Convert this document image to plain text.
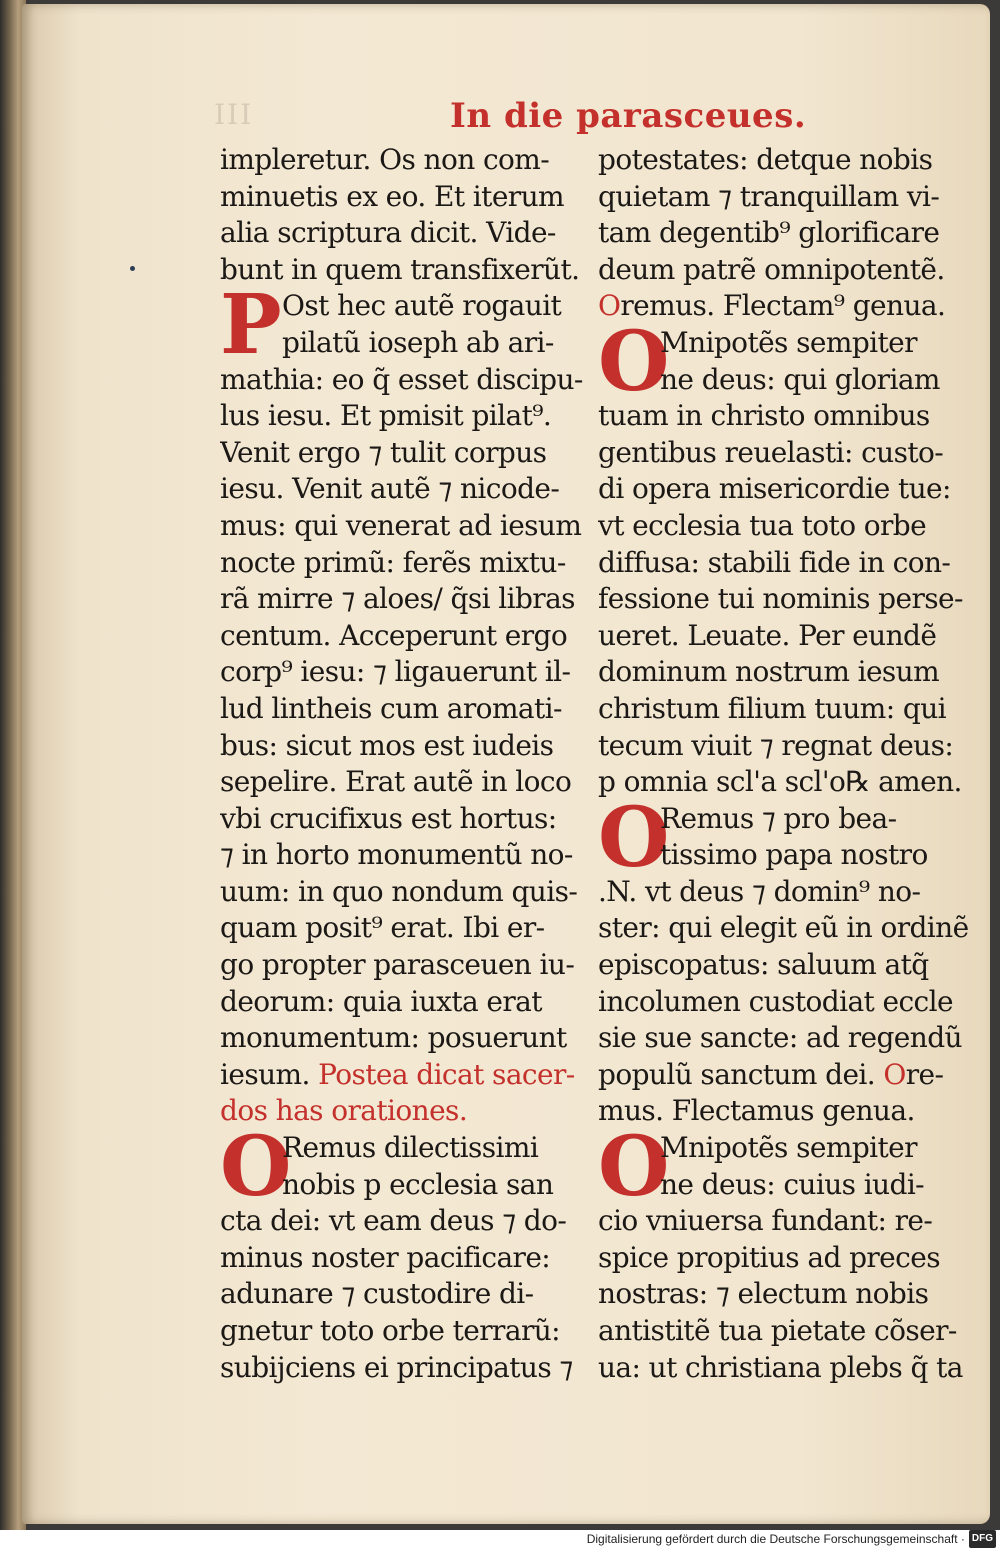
III	In die parasceues.
impleretur. Os non com-
minuetis ex eo. Et iterum
alia scriptura dicit. Vide-
bunt in quem transfixerũt.
P Ost hec autẽ rogauit
pilatũ ioseph ab ari-
mathia: eo q̃ esset discipu-
lus iesu. Et pmisit pilat⁹.
Venit ergo ⁊ tulit corpus
iesu. Venit autẽ ⁊ nicode-
mus: qui venerat ad iesum
nocte primũ: ferẽs mixtu-
rã mirre ⁊ aloes/ q̃si libras
centum. Acceperunt ergo
corp⁹ iesu: ⁊ ligauerunt il-
lud lintheis cum aromati-
bus: sicut mos est iudeis
sepelire. Erat autẽ in loco
vbi crucifixus est hortus:
⁊ in horto monumentũ no-
uum: in quo nondum quis-
quam posit⁹ erat. Ibi er-
go propter parasceuen iu-
deorum: quia iuxta erat
monumentum: posuerunt
iesum. Postea dicat sacer-
dos has orationes.
O
Remus dilectissimi
nobis p ecclesia san
cta dei: vt eam deus ⁊ do-
minus noster pacificare:
adunare ⁊ custodire di-
gnetur toto orbe terrarũ:
subijciens ei principatus ⁊
potestates: detque nobis
quietam ⁊ tranquillam vi-
tam degentib⁹ glorificare
deum patrẽ omnipotentẽ.
Oremus. Flectam⁹ genua.
O
Mnipotẽs sempiter
ne deus: qui gloriam
tuam in christo omnibus
gentibus reuelasti: custo-
di opera misericordie tue:
vt ecclesia tua toto orbe
diffusa: stabili fide in con-
fessione tui nominis perse-
ueret. Leuate. Per eundẽ
dominum nostrum iesum
christum filium tuum: qui
tecum viuit ⁊ regnat deus:
p omnia scl'a scl'o℞ amen.
O
Remus ⁊ pro bea-
tissimo papa nostro
.N. vt deus ⁊ domin⁹ no-
ster: qui elegit eũ in ordinẽ
episcopatus: saluum atq̃
incolumen custodiat eccle
sie sue sancte: ad regendũ
populũ sanctum dei. Ore-
mus. Flectamus genua.
O
Mnipotẽs sempiter
ne deus: cuius iudi-
cio vniuersa fundant: re-
spice propitius ad preces
nostras: ⁊ electum nobis
antistitẽ tua pietate cõser-
ua: ut christiana plebs q̃ ta
Digitalisierung gefördert durch die Deutsche Forschungsgemeinschaft · DFG
